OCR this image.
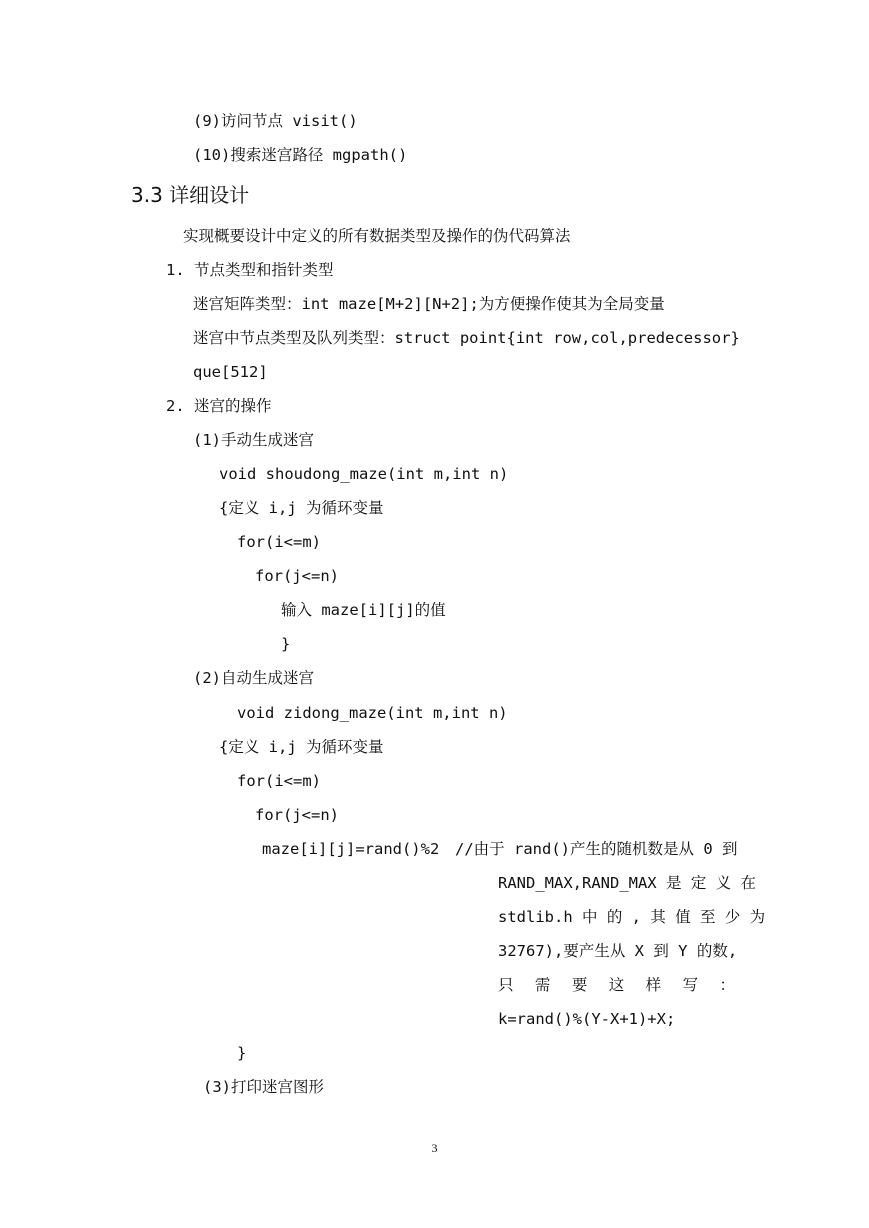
(9)访问节点 visit()
(10)搜索迷宫路径 mgpath()
3.3 详细设计
实现概要设计中定义的所有数据类型及操作的伪代码算法
1. 节点类型和指针类型
迷宫矩阵类型：int maze[M+2][N+2];为方便操作使其为全局变量
迷宫中节点类型及队列类型：struct point{int row,col,predecessor}
que[512]
2. 迷宫的操作
(1)手动生成迷宫
void shoudong_maze(int m,int n)
{定义 i,j 为循环变量
for(i<=m)
for(j<=n)
输入 maze[i][j]的值
}
(2)自动生成迷宫
void zidong_maze(int m,int n)
{定义 i,j 为循环变量
for(i<=m)
for(j<=n)
maze[i][j]=rand()%2 //由于 rand()产生的随机数是从 0 到
RAND_MAX,RAND_MAX 是 定 义 在
stdlib.h 中 的 , 其 值 至 少 为
32767),要产生从 X 到 Y 的数,
只 需 要 这 样 写 ：
k=rand()%(Y-X+1)+X;
}
(3)打印迷宫图形
3
